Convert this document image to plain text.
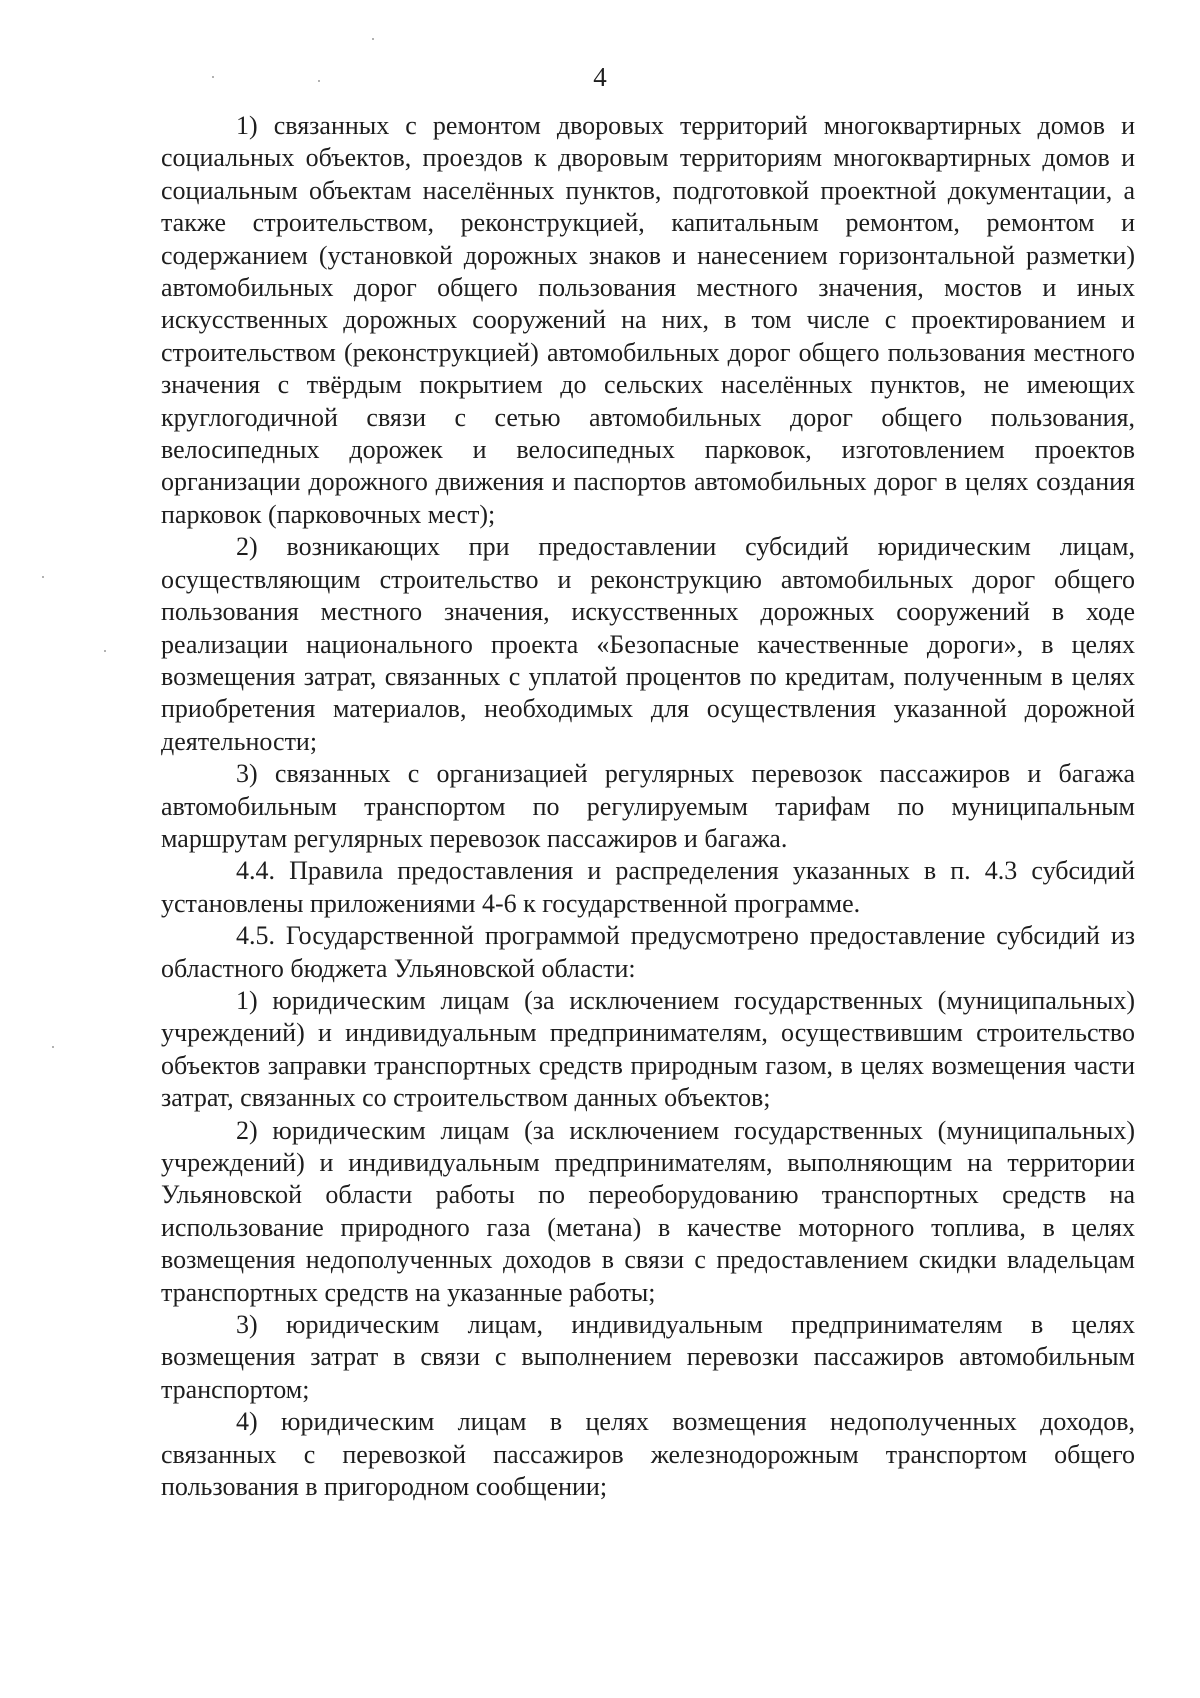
4

1) связанных с ремонтом дворовых территорий многоквартирных домов и социальных объектов, проездов к дворовым территориям многоквартирных домов и социальным объектам населённых пунктов, подготовкой проектной документации, а также строительством, реконструкцией, капитальным ремонтом, ремонтом и содержанием (установкой дорожных знаков и нанесением горизонтальной разметки) автомобильных дорог общего пользования местного значения, мостов и иных искусственных дорожных сооружений на них, в том числе с проектированием и строительством (реконструкцией) автомобильных дорог общего пользования местного значения с твёрдым покрытием до сельских населённых пунктов, не имеющих круглогодичной связи с сетью автомобильных дорог общего пользования, велосипедных дорожек и велосипедных парковок, изготовлением проектов организации дорожного движения и паспортов автомобильных дорог в целях создания парковок (парковочных мест);

2) возникающих при предоставлении субсидий юридическим лицам, осуществляющим строительство и реконструкцию автомобильных дорог общего пользования местного значения, искусственных дорожных сооружений в ходе реализации национального проекта «Безопасные качественные дороги», в целях возмещения затрат, связанных с уплатой процентов по кредитам, полученным в целях приобретения материалов, необходимых для осуществления указанной дорожной деятельности;

3) связанных с организацией регулярных перевозок пассажиров и багажа автомобильным транспортом по регулируемым тарифам по муниципальным маршрутам регулярных перевозок пассажиров и багажа.

4.4. Правила предоставления и распределения указанных в п. 4.3 субсидий установлены приложениями 4-6 к государственной программе.

4.5. Государственной программой предусмотрено предоставление субсидий из областного бюджета Ульяновской области:

1) юридическим лицам (за исключением государственных (муниципальных) учреждений) и индивидуальным предпринимателям, осуществившим строительство объектов заправки транспортных средств природным газом, в целях возмещения части затрат, связанных со строительством данных объектов;

2) юридическим лицам (за исключением государственных (муниципальных) учреждений) и индивидуальным предпринимателям, выполняющим на территории Ульяновской области работы по переоборудованию транспортных средств на использование природного газа (метана) в качестве моторного топлива, в целях возмещения недополученных доходов в связи с предоставлением скидки владельцам транспортных средств на указанные работы;

3) юридическим лицам, индивидуальным предпринимателям в целях возмещения затрат в связи с выполнением перевозки пассажиров автомобильным транспортом;

4) юридическим лицам в целях возмещения недополученных доходов, связанных с перевозкой пассажиров железнодорожным транспортом общего пользования в пригородном сообщении;
